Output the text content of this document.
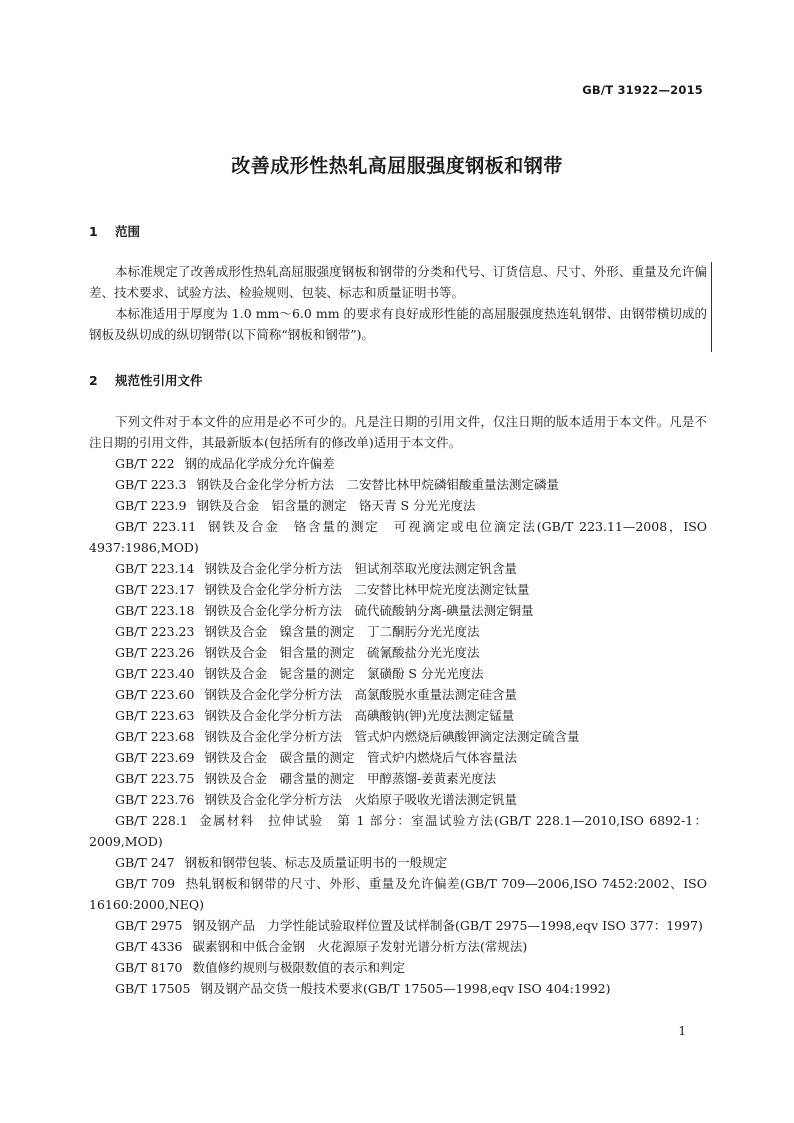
GB/T 31922—2015
改善成形性热轧高屈服强度钢板和钢带
1 范围

本标准规定了改善成形性热轧高屈服强度钢板和钢带的分类和代号、订货信息、尺寸、外形、重量及允许偏差、技术要求、试验方法、检验规则、包装、标志和质量证明书等。

本标准适用于厚度为 1.0 mm～6.0 mm 的要求有良好成形性能的高屈服强度热连轧钢带、由钢带横切成的钢板及纵切成的纵切钢带(以下简称“钢板和钢带”)。

2 规范性引用文件

下列文件对于本文件的应用是必不可少的。凡是注日期的引用文件，仅注日期的版本适用于本文件。凡是不注日期的引用文件，其最新版本(包括所有的修改单)适用于本文件。

GB/T 222 钢的成品化学成分允许偏差
GB/T 223.3 钢铁及合金化学分析方法　二安替比林甲烷磷钼酸重量法测定磷量
GB/T 223.9 钢铁及合金　铝含量的测定　铬天青 S 分光光度法
GB/T 223.11 钢铁及合金　铬含量的测定　可视滴定或电位滴定法(GB/T 223.11—2008，ISO 4937:1986,MOD)
GB/T 223.14 钢铁及合金化学分析方法　钽试剂萃取光度法测定钒含量
GB/T 223.17 钢铁及合金化学分析方法　二安替比林甲烷光度法测定钛量
GB/T 223.18 钢铁及合金化学分析方法　硫代硫酸钠分离-碘量法测定铜量
GB/T 223.23 钢铁及合金　镍含量的测定　丁二酮肟分光光度法
GB/T 223.26 钢铁及合金　钼含量的测定　硫氰酸盐分光光度法
GB/T 223.40 钢铁及合金　铌含量的测定　氯磺酚 S 分光光度法
GB/T 223.60 钢铁及合金化学分析方法　高氯酸脱水重量法测定硅含量
GB/T 223.63 钢铁及合金化学分析方法　高碘酸钠(钾)光度法测定锰量
GB/T 223.68 钢铁及合金化学分析方法　管式炉内燃烧后碘酸钾滴定法测定硫含量
GB/T 223.69 钢铁及合金　碳含量的测定　管式炉内燃烧后气体容量法
GB/T 223.75 钢铁及合金　硼含量的测定　甲醇蒸馏-姜黄素光度法
GB/T 223.76 钢铁及合金化学分析方法　火焰原子吸收光谱法测定钒量
GB/T 228.1 金属材料　拉伸试验　第 1 部分：室温试验方法(GB/T 228.1—2010,ISO 6892-1：2009,MOD)
GB/T 247 钢板和钢带包装、标志及质量证明书的一般规定
GB/T 709 热轧钢板和钢带的尺寸、外形、重量及允许偏差(GB/T 709—2006,ISO 7452:2002、ISO 16160:2000,NEQ)
GB/T 2975 钢及钢产品　力学性能试验取样位置及试样制备(GB/T 2975—1998,eqv ISO 377：1997)
GB/T 4336 碳素钢和中低合金钢　火花源原子发射光谱分析方法(常规法)
GB/T 8170 数值修约规则与极限数值的表示和判定
GB/T 17505 钢及钢产品交货一般技术要求(GB/T 17505—1998,eqv ISO 404:1992)
1
